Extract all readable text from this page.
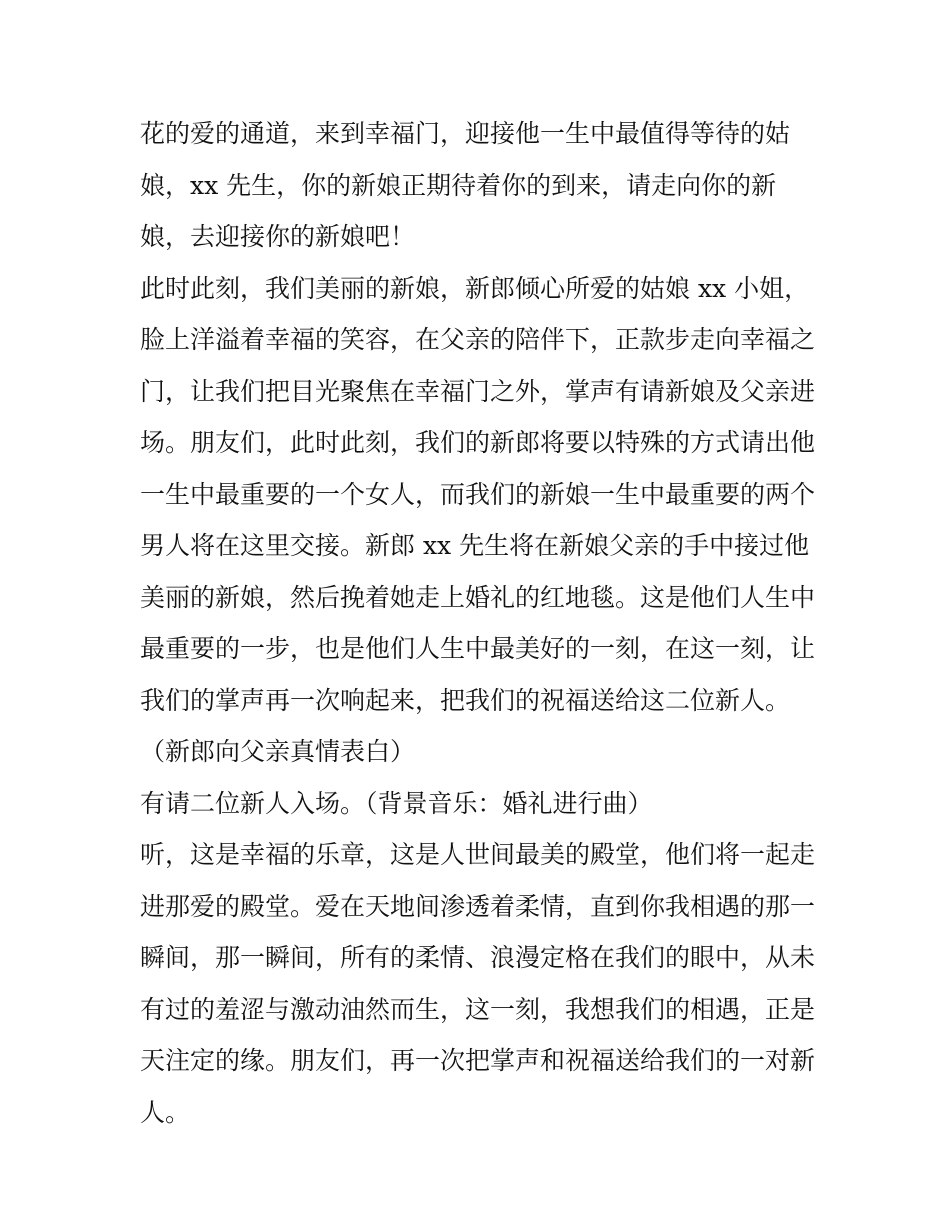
花的爱的通道，来到幸福门，迎接他一生中最值得等待的姑
娘，xx 先生，你的新娘正期待着你的到来，请走向你的新
娘，去迎接你的新娘吧！
此时此刻，我们美丽的新娘，新郎倾心所爱的姑娘 xx 小姐，
脸上洋溢着幸福的笑容，在父亲的陪伴下，正款步走向幸福之
门，让我们把目光聚焦在幸福门之外，掌声有请新娘及父亲进
场。朋友们，此时此刻，我们的新郎将要以特殊的方式请出他
一生中最重要的一个女人，而我们的新娘一生中最重要的两个
男人将在这里交接。新郎 xx 先生将在新娘父亲的手中接过他
美丽的新娘，然后挽着她走上婚礼的红地毯。这是他们人生中
最重要的一步，也是他们人生中最美好的一刻，在这一刻，让
我们的掌声再一次响起来，把我们的祝福送给这二位新人。
（新郎向父亲真情表白）
有请二位新人入场。（背景音乐：婚礼进行曲）
听，这是幸福的乐章，这是人世间最美的殿堂，他们将一起走
进那爱的殿堂。爱在天地间渗透着柔情，直到你我相遇的那一
瞬间，那一瞬间，所有的柔情、浪漫定格在我们的眼中，从未
有过的羞涩与激动油然而生，这一刻，我想我们的相遇，正是
天注定的缘。朋友们，再一次把掌声和祝福送给我们的一对新
人。
